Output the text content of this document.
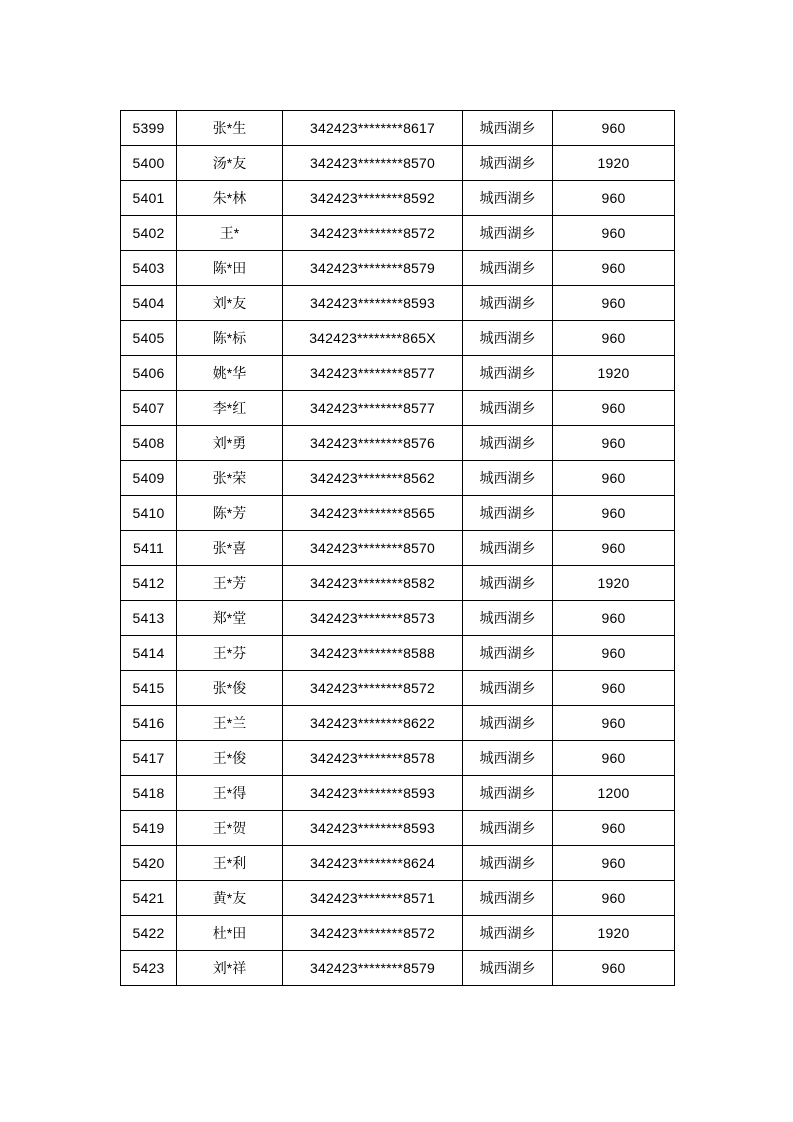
5399	张*生	342423********8617	城西湖乡	960
5400	汤*友	342423********8570	城西湖乡	1920
5401	朱*林	342423********8592	城西湖乡	960
5402	王*	342423********8572	城西湖乡	960
5403	陈*田	342423********8579	城西湖乡	960
5404	刘*友	342423********8593	城西湖乡	960
5405	陈*标	342423********865X	城西湖乡	960
5406	姚*华	342423********8577	城西湖乡	1920
5407	李*红	342423********8577	城西湖乡	960
5408	刘*勇	342423********8576	城西湖乡	960
5409	张*荣	342423********8562	城西湖乡	960
5410	陈*芳	342423********8565	城西湖乡	960
5411	张*喜	342423********8570	城西湖乡	960
5412	王*芳	342423********8582	城西湖乡	1920
5413	郑*堂	342423********8573	城西湖乡	960
5414	王*芬	342423********8588	城西湖乡	960
5415	张*俊	342423********8572	城西湖乡	960
5416	王*兰	342423********8622	城西湖乡	960
5417	王*俊	342423********8578	城西湖乡	960
5418	王*得	342423********8593	城西湖乡	1200
5419	王*贺	342423********8593	城西湖乡	960
5420	王*利	342423********8624	城西湖乡	960
5421	黄*友	342423********8571	城西湖乡	960
5422	杜*田	342423********8572	城西湖乡	1920
5423	刘*祥	342423********8579	城西湖乡	960
